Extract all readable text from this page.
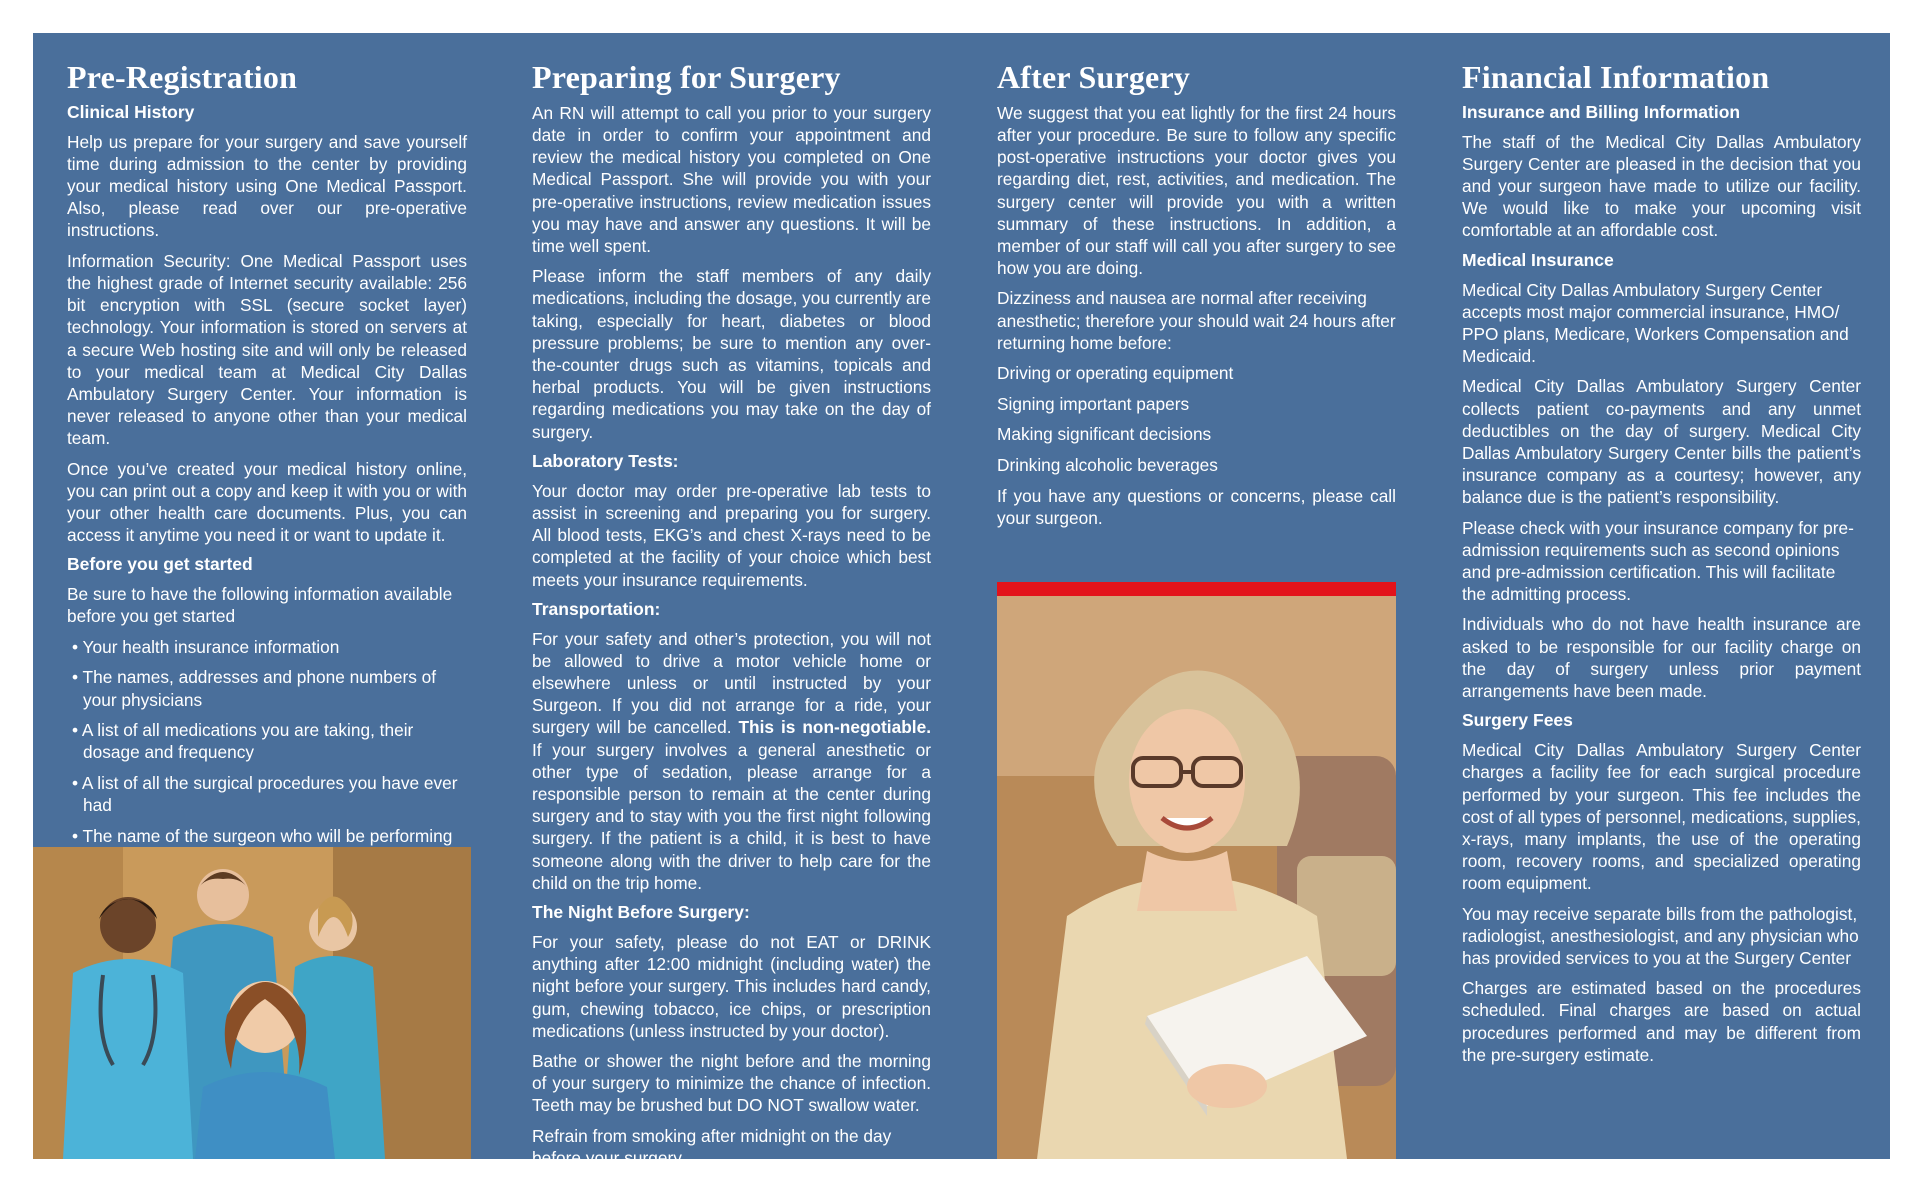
Pre-Registration
Clinical History

Help us prepare for your surgery and save yourself time during admission to the center by providing your medical history using One Medical Passport. Also, please read over our pre-operative instructions.

Information Security: One Medical Passport uses the highest grade of Internet security available: 256 bit encryption with SSL (secure socket layer) technology. Your information is stored on servers at a secure Web hosting site and will only be released to your medical team at Medical City Dallas Ambulatory Surgery Center. Your information is never released to anyone other than your medical team.

Once you’ve created your medical history online, you can print out a copy and keep it with you or with your other health care documents. Plus, you can access it anytime you need it or want to update it.

Before you get started

Be sure to have the following information available before you get started

• Your health insurance information
• The names, addresses and phone numbers of your physicians
• A list of all medications you are taking, their dosage and frequency
• A list of all the surgical procedures you have ever had
• The name of the surgeon who will be performing
Preparing for Surgery

An RN will attempt to call you prior to your surgery date in order to confirm your appointment and review the medical history you completed on One Medical Passport. She will provide you with your pre-operative instructions, review medication issues you may have and answer any questions. It will be time well spent.

Please inform the staff members of any daily medications, including the dosage, you currently are taking, especially for heart, diabetes or blood pressure problems; be sure to mention any over-the-counter drugs such as vitamins, topicals and herbal products. You will be given instructions regarding medications you may take on the day of surgery.

Laboratory Tests:

Your doctor may order pre-operative lab tests to assist in screening and preparing you for surgery. All blood tests, EKG’s and chest X-rays need to be completed at the facility of your choice which best meets your insurance requirements.

Transportation:

For your safety and other’s protection, you will not be allowed to drive a motor vehicle home or elsewhere unless or until instructed by your Surgeon. If you did not arrange for a ride, your surgery will be cancelled. This is non-negotiable. If your surgery involves a general anesthetic or other type of sedation, please arrange for a responsible person to remain at the center during surgery and to stay with you the first night following surgery. If the patient is a child, it is best to have someone along with the driver to help care for the child on the trip home.

The Night Before Surgery:

For your safety, please do not EAT or DRINK anything after 12:00 midnight (including water) the night before your surgery. This includes hard candy, gum, chewing tobacco, ice chips, or prescription medications (unless instructed by your doctor).

Bathe or shower the night before and the morning of your surgery to minimize the chance of infection. Teeth may be brushed but DO NOT swallow water.

Refrain from smoking after midnight on the day before your surgery.

After Surgery

We suggest that you eat lightly for the first 24 hours after your procedure. Be sure to follow any specific post-operative instructions your doctor gives you regarding diet, rest, activities, and medication. The surgery center will provide you with a written summary of these instructions. In addition, a member of our staff will call you after surgery to see how you are doing.

Dizziness and nausea are normal after receiving anesthetic; therefore your should wait 24 hours after returning home before:

Driving or operating equipment
Signing important papers
Making significant decisions
Drinking alcoholic beverages

If you have any questions or concerns, please call your surgeon.

Financial Information
Insurance and Billing Information

The staff of the Medical City Dallas Ambulatory Surgery Center are pleased in the decision that you and your surgeon have made to utilize our facility. We would like to make your upcoming visit comfortable at an affordable cost.

Medical Insurance

Medical City Dallas Ambulatory Surgery Center accepts most major commercial insurance, HMO/ PPO plans, Medicare, Workers Compensation and Medicaid.

Medical City Dallas Ambulatory Surgery Center collects patient co-payments and any unmet deductibles on the day of surgery. Medical City Dallas Ambulatory Surgery Center bills the patient’s insurance company as a courtesy; however, any balance due is the patient’s responsibility.

Please check with your insurance company for pre-admission requirements such as second opinions and pre-admission certification. This will facilitate the admitting process.

Individuals who do not have health insurance are asked to be responsible for our facility charge on the day of surgery unless prior payment arrangements have been made.

Surgery Fees

Medical City Dallas Ambulatory Surgery Center charges a facility fee for each surgical procedure performed by your surgeon. This fee includes the cost of all types of personnel, medications, supplies, x-rays, many implants, the use of the operating room, recovery rooms, and specialized operating room equipment.

You may receive separate bills from the pathologist, radiologist, anesthesiologist, and any physician who has provided services to you at the Surgery Center

Charges are estimated based on the procedures scheduled. Final charges are based on actual procedures performed and may be different from the pre-surgery estimate.
